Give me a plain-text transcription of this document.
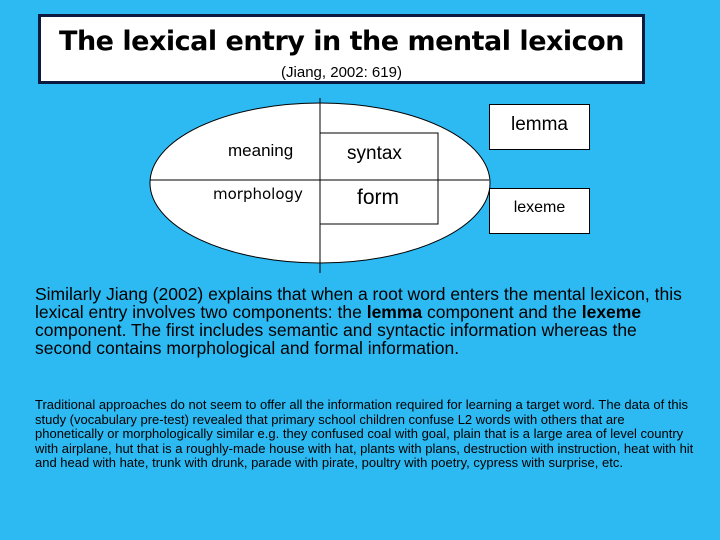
The lexical entry in the mental lexicon
(Jiang, 2002: 619)
lemma
lexeme
meaning	syntax
morphology	form

Similarly Jiang (2002) explains that when a root word enters the mental lexicon, this lexical entry involves two components: the lemma component and the lexeme component. The first includes semantic and syntactic information whereas the second contains morphological and formal information.

Traditional approaches do not seem to offer all the information required for learning a target word. The data of this study (vocabulary pre-test) revealed that primary school children confuse L2 words with others that are phonetically or morphologically similar e.g. they confused coal with goal, plain that is a large area of level country with airplane, hut that is a roughly-made house with hat, plants with plans, destruction with instruction, heat with hit and head with hate, trunk with drunk, parade with pirate, poultry with poetry, cypress with surprise, etc.
